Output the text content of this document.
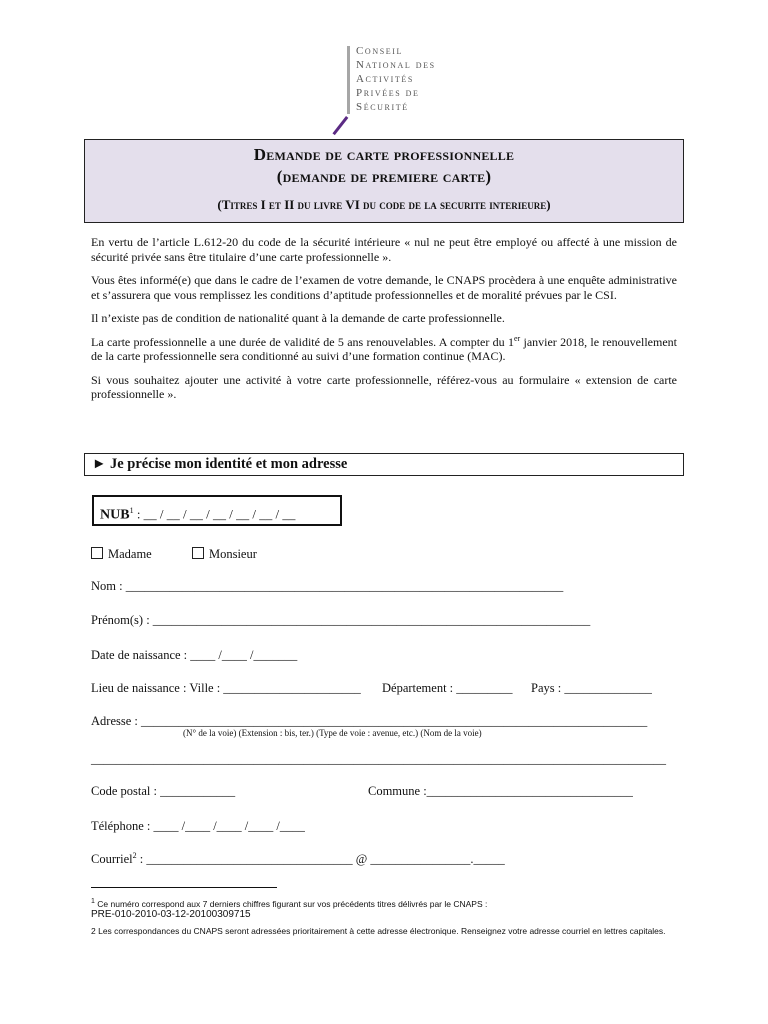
Conseil
National des
Activités
Privées de
Sécurité
Demande de carte professionnelle
(demande de premiere carte)
(Titres I et II du livre VI du code de la securite interieure)

En vertu de l’article L.612-20 du code de la sécurité intérieure « nul ne peut être employé ou affecté à une mission de sécurité privée sans être titulaire d’une carte professionnelle ».

Vous êtes informé(e) que dans le cadre de l’examen de votre demande, le CNAPS procèdera à une enquête administrative et s’assurera que vous remplissez les conditions d’aptitude professionnelles et de moralité prévues par le CSI.

Il n’existe pas de condition de nationalité quant à la demande de carte professionnelle.

La carte professionnelle a une durée de validité de 5 ans renouvelables. A compter du 1er janvier 2018, le renouvellement de la carte professionnelle sera conditionné au suivi d’une formation continue (MAC).

Si vous souhaitez ajouter une activité à votre carte professionnelle, référez-vous au formulaire « extension de carte professionnelle ».

► Je précise mon identité et mon adresse
NUB$^1$ : __ / __ / __ / __ / __ / __ / __
Madame	Monsieur
Nom : ______________________________________________________________________
Prénom(s) : ______________________________________________________________________
Date de naissance : ____ /____ /_______
Lieu de naissance : Ville : ______________________ Département : _________ Pays : ______________
Adresse : _________________________________________________________________________________
(N° de la voie) (Extension : bis, ter.) (Type de voie : avenue, etc.) (Nom de la voie)
____________________________________________________________________________________________
Code postal : ____________	Commune :_________________________________
Téléphone : ____ /____ /____ /____ /____
Courriel$^2$ : _________________________________ @ ________________._____
$^1$ Ce numéro correspond aux 7 derniers chiffres figurant sur vos précédents titres délivrés par le CNAPS :
PRE-010-2010-03-12-20100309715
2 Les correspondances du CNAPS seront adressées prioritairement à cette adresse électronique. Renseignez votre adresse courriel en lettres capitales.
